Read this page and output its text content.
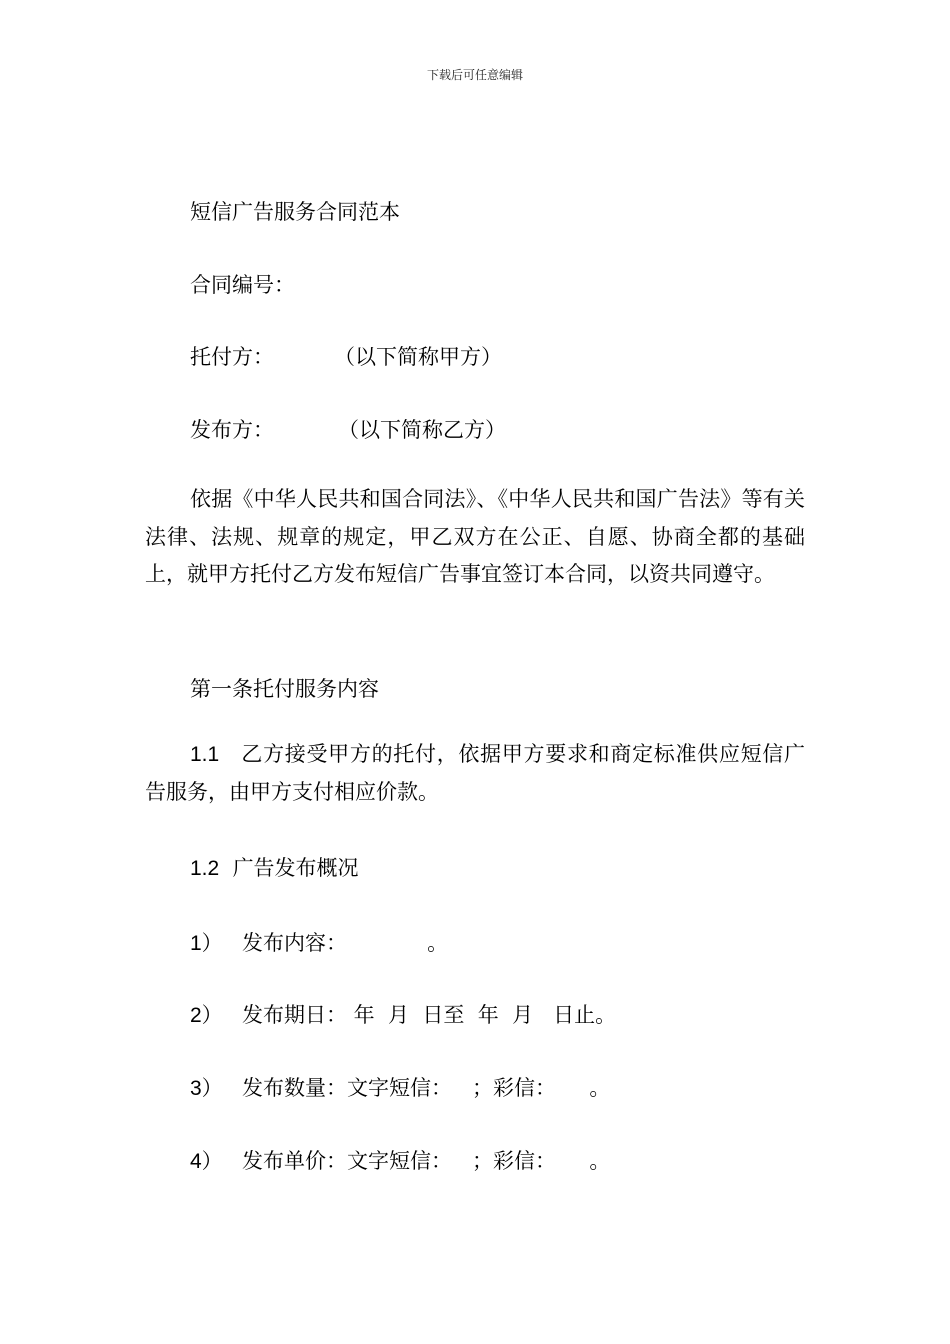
下载后可任意编辑
短信广告服务合同范本
合同编号：
托付方：	（以下简称甲方）
发布方：	（以下简称乙方）
依据《中华人民共和国合同法》、《中华人民共和国广告法》等有关法律、法规、规章的规定，甲乙双方在公正、自愿、协商全都的基础上，就甲方托付乙方发布短信广告事宜签订本合同，以资共同遵守。
第一条托付服务内容
1.1 乙方接受甲方的托付，依据甲方要求和商定标准供应短信广告服务，由甲方支付相应价款。
1.2 广告发布概况
1） 发布内容：            。
2） 发布期日： 年  月  日至  年  月   日止。
3） 发布数量：文字短信：   ；彩信：     。
4） 发布单价：文字短信：   ；彩信：     。
